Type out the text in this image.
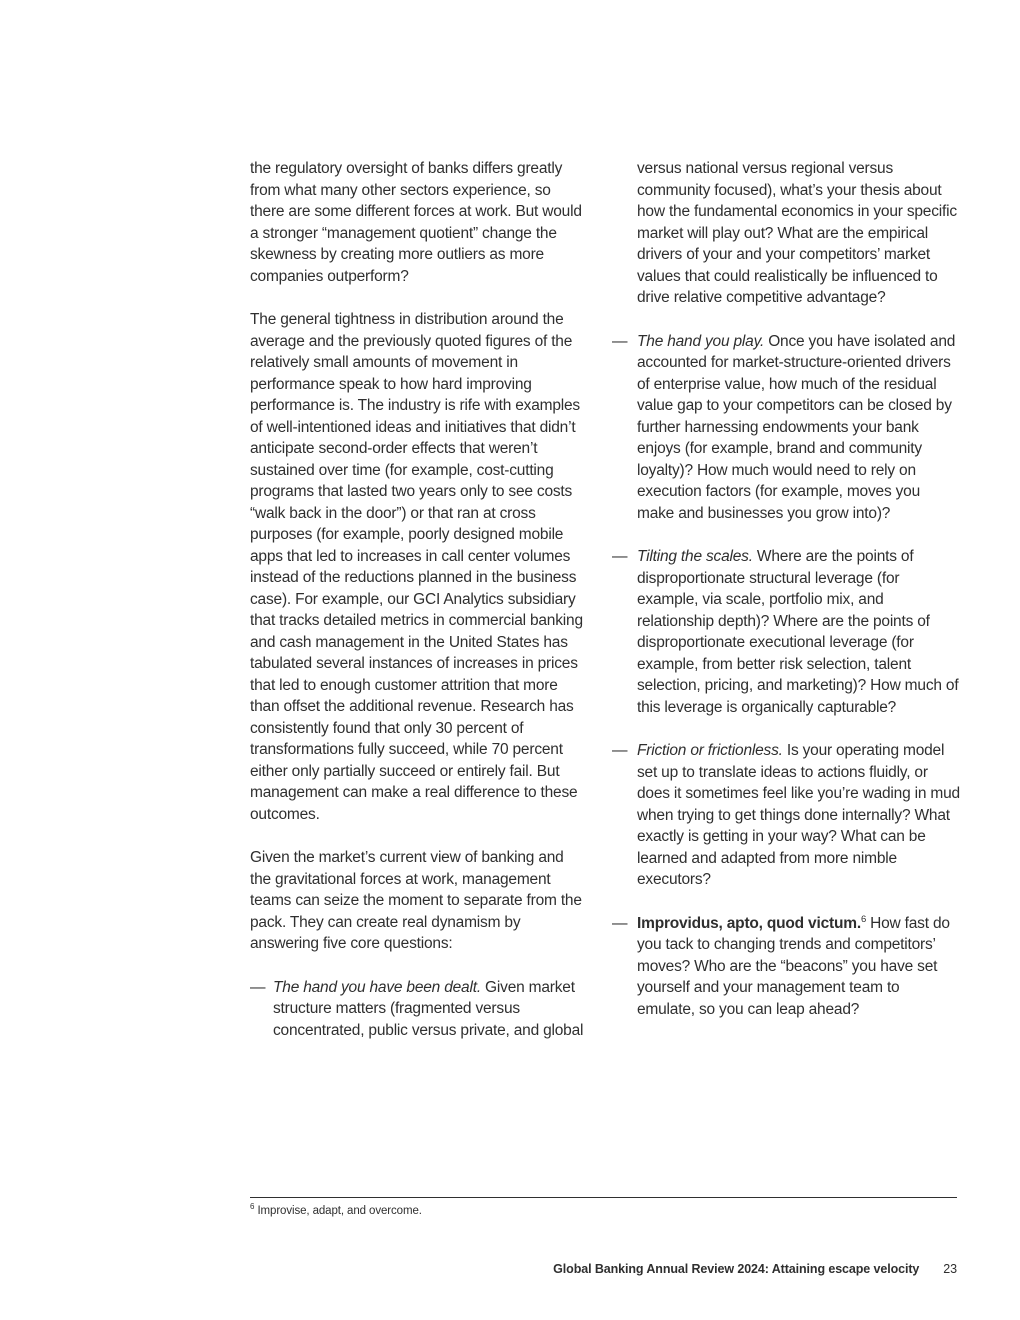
the regulatory oversight of banks differs greatly from what many other sectors experience, so there are some different forces at work. But would a stronger “management quotient” change the skewness by creating more outliers as more companies outperform?

The general tightness in distribution around the average and the previously quoted figures of the relatively small amounts of movement in performance speak to how hard improving performance is. The industry is rife with examples of well-intentioned ideas and initiatives that didn’t anticipate second-order effects that weren’t sustained over time (for example, cost-cutting programs that lasted two years only to see costs “walk back in the door”) or that ran at cross purposes (for example, poorly designed mobile apps that led to increases in call center volumes instead of the reductions planned in the business case). For example, our GCI Analytics subsidiary that tracks detailed metrics in commercial banking and cash management in the United States has tabulated several instances of increases in prices that led to enough customer attrition that more than offset the additional revenue. Research has consistently found that only 30 percent of transformations fully succeed, while 70 percent either only partially succeed or entirely fail. But management can make a real difference to these outcomes.

Given the market’s current view of banking and the gravitational forces at work, management teams can seize the moment to separate from the pack. They can create real dynamism by answering five core questions:

— The hand you have been dealt. Given market structure matters (fragmented versus concentrated, public versus private, and global

versus national versus regional versus community focused), what’s your thesis about how the fundamental economics in your specific market will play out? What are the empirical drivers of your and your competitors’ market values that could realistically be influenced to drive relative competitive advantage?

— The hand you play. Once you have isolated and accounted for market-structure-oriented drivers of enterprise value, how much of the residual value gap to your competitors can be closed by further harnessing endowments your bank enjoys (for example, brand and community loyalty)? How much would need to rely on execution factors (for example, moves you make and businesses you grow into)?
— Tilting the scales. Where are the points of disproportionate structural leverage (for example, via scale, portfolio mix, and relationship depth)? Where are the points of disproportionate executional leverage (for example, from better risk selection, talent selection, pricing, and marketing)? How much of this leverage is organically capturable?
— Friction or frictionless. Is your operating model set up to translate ideas to actions fluidly, or does it sometimes feel like you’re wading in mud when trying to get things done internally? What exactly is getting in your way? What can be learned and adapted from more nimble executors?
— Improvidus, apto, quod victum.$^6$ How fast do you tack to changing trends and competitors’ moves? Who are the “beacons” you have set yourself and your management team to emulate, so you can leap ahead?
$^6$ Improvise, adapt, and overcome.
Global Banking Annual Review 2024: Attaining escape velocity 23
